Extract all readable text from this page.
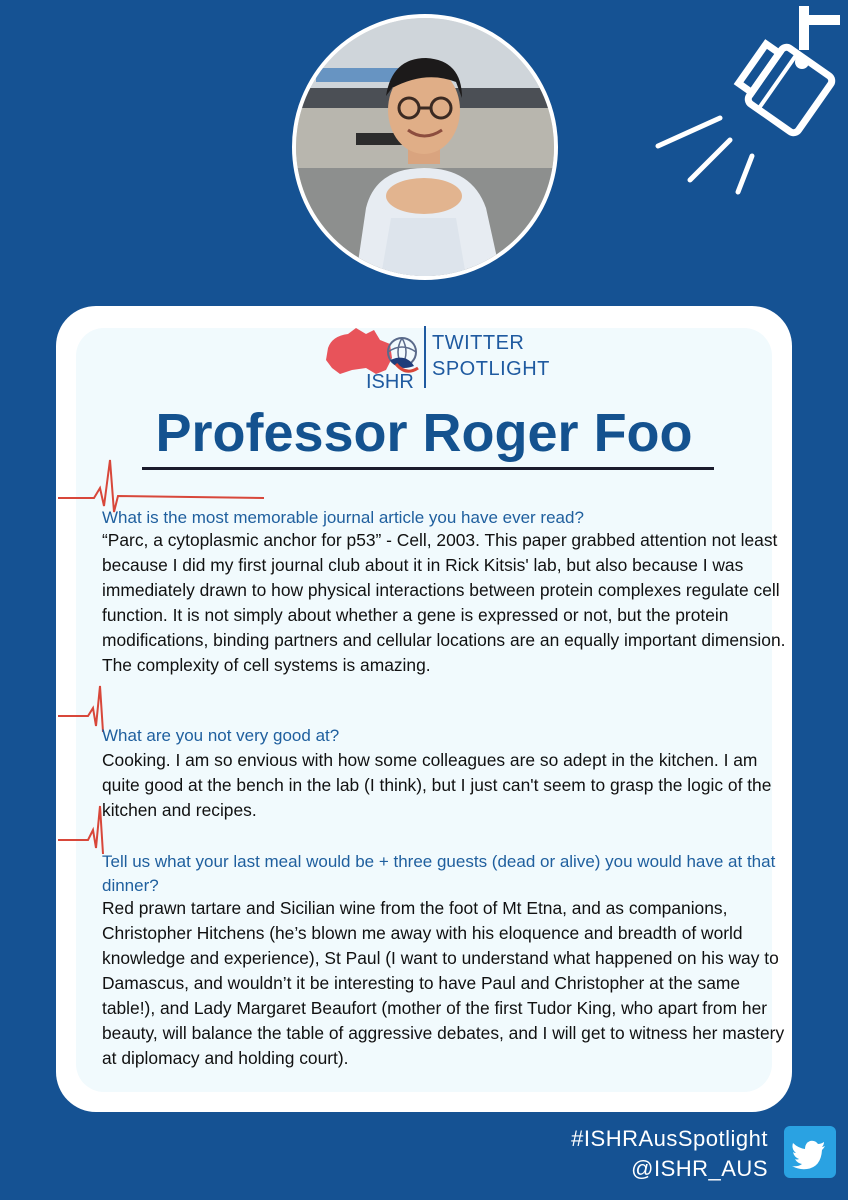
ISHR
TWITTER
SPOTLIGHT
Professor Roger Foo

What is the most memorable journal article you have ever read?

“Parc, a cytoplasmic anchor for p53” - Cell, 2003. This paper grabbed attention not least because I did my first journal club about it in Rick Kitsis' lab, but also because I was immediately drawn to how physical interactions between protein complexes regulate cell function. It is not simply about whether a gene is expressed or not, but the protein modifications, binding partners and cellular locations are an equally important dimension. The complexity of cell systems is amazing.

What are you not very good at?

Cooking. I am so envious with how some colleagues are so adept in the kitchen. I am quite good at the bench in the lab (I think), but I just can't seem to grasp the logic of the kitchen and recipes.

Tell us what your last meal would be + three guests (dead or alive) you would have at that dinner?

Red prawn tartare and Sicilian wine from the foot of Mt Etna, and as companions, Christopher Hitchens (he’s blown me away with his eloquence and breadth of world knowledge and experience), St Paul (I want to understand what happened on his way to Damascus, and wouldn’t it be interesting to have Paul and Christopher at the same table!), and Lady Margaret Beaufort (mother of the first Tudor King, who apart from her beauty, will balance the table of aggressive debates, and I will get to witness her mastery at diplomacy and holding court).

#ISHRAusSpotlight
@ISHR_AUS
